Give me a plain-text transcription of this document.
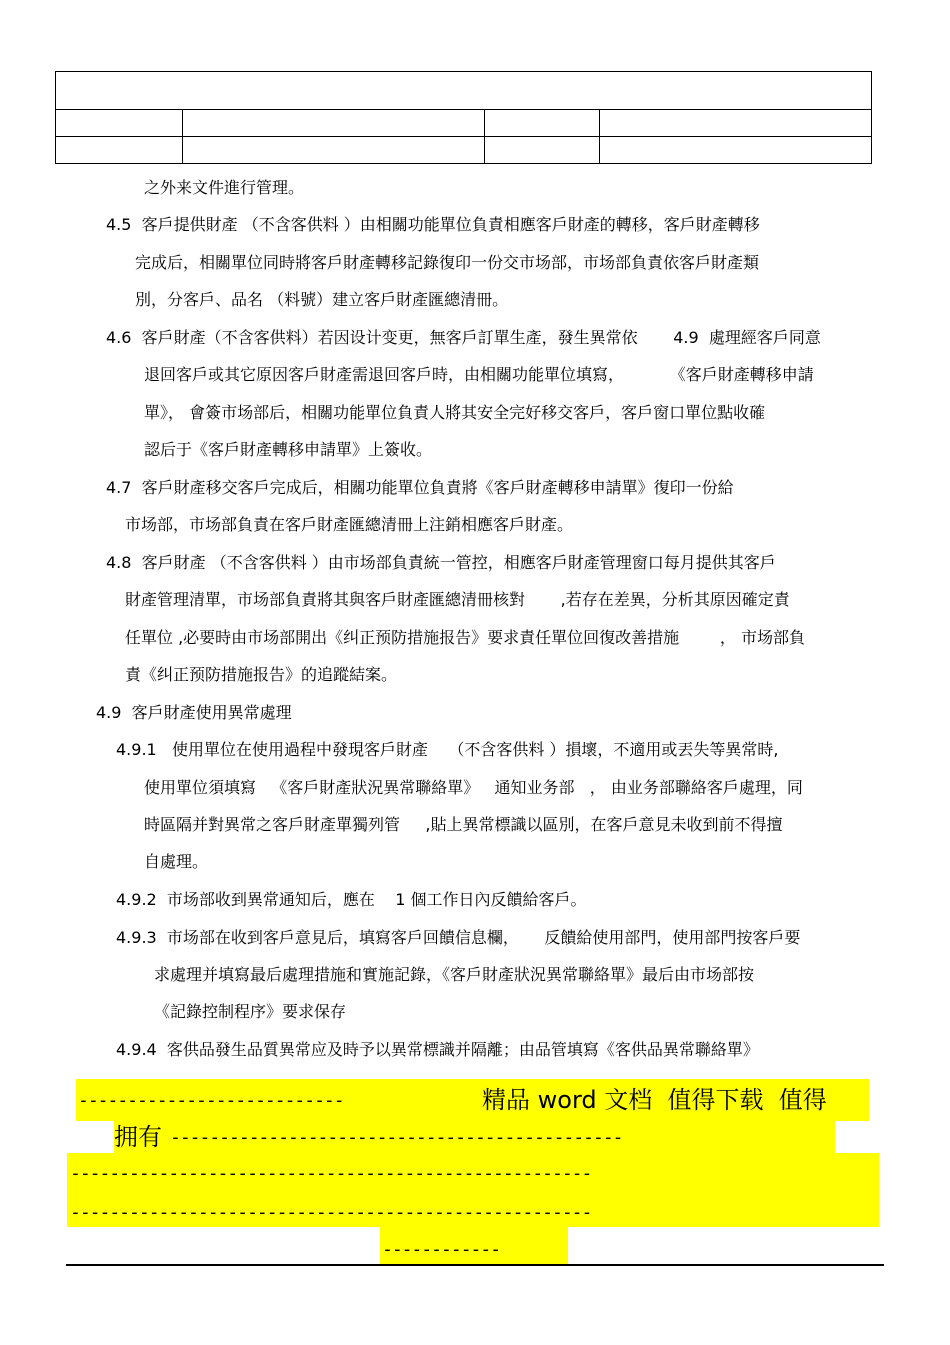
之外来文件進行管理。
4.5  客戶提供財產 （不含客供料 ）由相關功能單位負責相應客戶財產的轉移，客戶財產轉移
完成后，相關單位同時將客戶財產轉移記錄復印一份交市场部，市场部負責依客戶財產類
別，分客戶、品名 （料號）建立客戶財產匯總清冊。
4.6  客戶財產（不含客供料）若因设计变更，無客戶訂單生產，發生異常依       4.9  處理經客戶同意
退回客戶或其它原因客戶財產需退回客戶時，由相關功能單位填寫，         《客戶財產轉移申請
單》， 會簽市场部后，相關功能單位負責人將其安全完好移交客戶，客戶窗口單位點收確
認后于《客戶財產轉移申請單》上簽收。
4.7  客戶財產移交客戶完成后，相關功能單位負責將《客戶財產轉移申請單》復印一份給
市场部，市场部負責在客戶財產匯總清冊上注銷相應客戶財產。
4.8  客戶財產 （不含客供料 ）由市场部負責統一管控，相應客戶財產管理窗口每月提供其客戶
財產管理清單，市场部負責將其與客戶財產匯總清冊核對       ,若存在差異，分析其原因確定責
任單位 ,必要時由市场部開出《纠正预防措施报告》要求責任單位回復改善措施        ， 市场部負
責《纠正预防措施报告》的追蹤結案。
4.9  客戶財產使用異常處理
4.9.1   使用單位在使用過程中發現客戶財產    （不含客供料 ）損壞，不適用或丟失等異常時,
使用單位須填寫   《客戶財產狀況異常聯絡單》   通知业务部   ， 由业务部聯絡客戶處理，同
時區隔并對異常之客戶財產單獨列管     ,貼上異常標識以區別，在客戶意見未收到前不得擅
自處理。
4.9.2  市场部收到異常通知后，應在    1 個工作日內反饋給客戶。
4.9.3  市场部在收到客戶意見后，填寫客戶回饋信息欄，     反饋給使用部門，使用部門按客戶要
求處理并填寫最后處理措施和實施記錄，《客戶財產狀況異常聯絡單》最后由市场部按
《記錄控制程序》要求保存
4.9.4  客供品發生品質異常应及時予以異常標識并隔離；由品管填寫《客供品異常聯絡單》
---------------------------	精品 word 文档  值得下载  值得
拥有 ----------------------------------------------
-----------------------------------------------------
-----------------------------------------------------
------------
